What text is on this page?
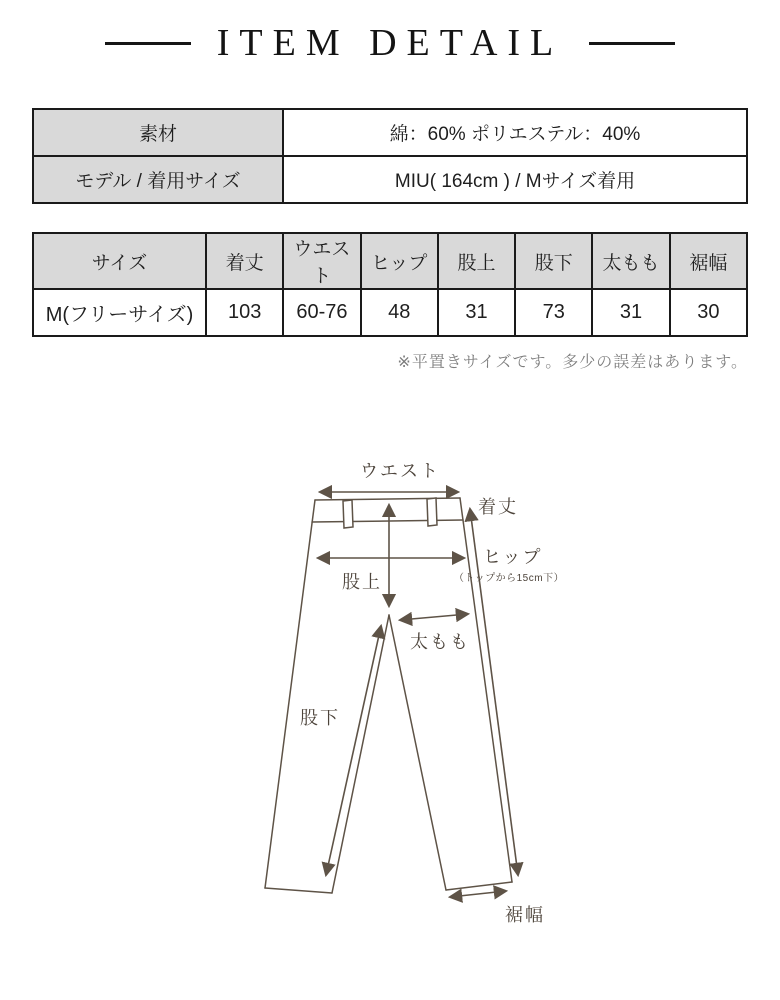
ITEM DETAIL
素材	綿：60% ポリエステル：40%
モデル / 着用サイズ	MIU( 164cm ) / Mサイズ着用
サイズ	着丈	ウエスト	ヒップ	股上	股下	太もも	裾幅
M(フリーサイズ)	103	60-76	48	31	73	31	30
※平置きサイズです。多少の誤差はあります。
ウエスト
着丈
ヒップ
（トップから15cm下）
股上
太もも
股下
裾幅
